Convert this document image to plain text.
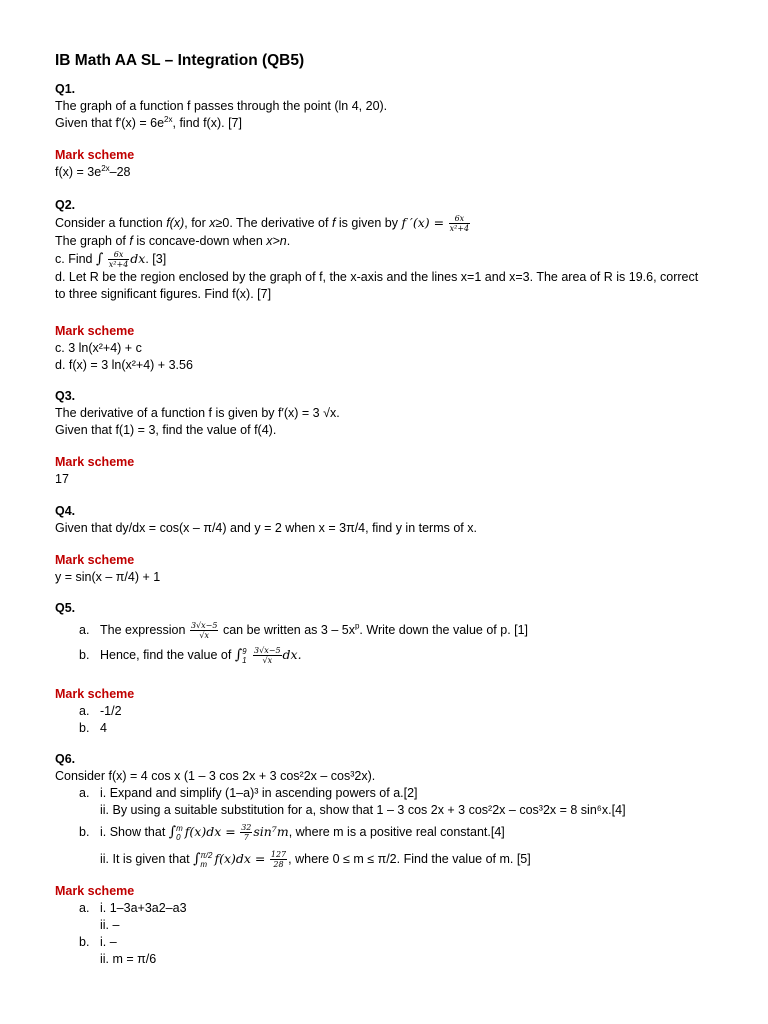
IB Math AA SL – Integration (QB5)
Q1.
The graph of a function f passes through the point (ln 4, 20).
Given that $f'(x) = 6e^{2x}$, find f(x). [7]
Mark scheme
$f(x) = 3e^{2x}-28$
Q2.
Consider a function f(x), for x≥0. The derivative of f is given by f $'(x) = \frac{6x}{\text{x²+4}}$
The graph of f is concave-down when x>n.
c. Find ∫ $\frac{6x}{\text{x²+4}}$ dx. [3]
d. Let R be the region enclosed by the graph of f, the x-axis and the lines x=1 and x=3. The area of R is 19.6, correct
to three significant figures. Find f(x). [7]
Mark scheme
c. 3 ln(x²+4) + c
d. f(x) = 3 ln(x²+4) + 3.56
Q3.
The derivative of a function f is given by f′(x) = 3 √x.
Given that f(1) = 3, find the value of f(4).
Mark scheme
17
Q4.
Given that dy/dx = cos(x – π/4) and y = 2 when x = 3π/4, find y in terms of x.
Mark scheme
y = sin(x – π/4) + 1
Q5.
a. The expression $\frac{3√x-5}{√x}$ can be written as $3 - 5x^p$. Write down the value of p. [1]
b. Hence, find the value of ∫ 9
1
$\frac{3√x-5}{√x}$ dx.
Mark scheme
a. -1/2
b. 4
Q6.
Consider f(x) = 4 cos x (1 – 3 cos 2x + 3 cos²2x – cos³2x).
a. i. Expand and simplify (1–a)³ in ascending powers of a.[2]
ii. By using a suitable substitution for a, show that 1 – 3 cos 2x + 3 cos²2x – cos³2x = 8 sin⁶x.[4]
b. i. Show that ∫ m
0 $f(x)dx = \frac{32}{7} \sin^7m$, where m is a positive real constant.[4]
ii. It is given that ∫ π/2
m $f(x)dx = \frac{127}{28}$ , where 0 ≤ m ≤ π/2. Find the value of m. [5]
Mark scheme
a. i. 1–3a+3a2–a3
ii. –
b. i. –
ii. m = π/6
